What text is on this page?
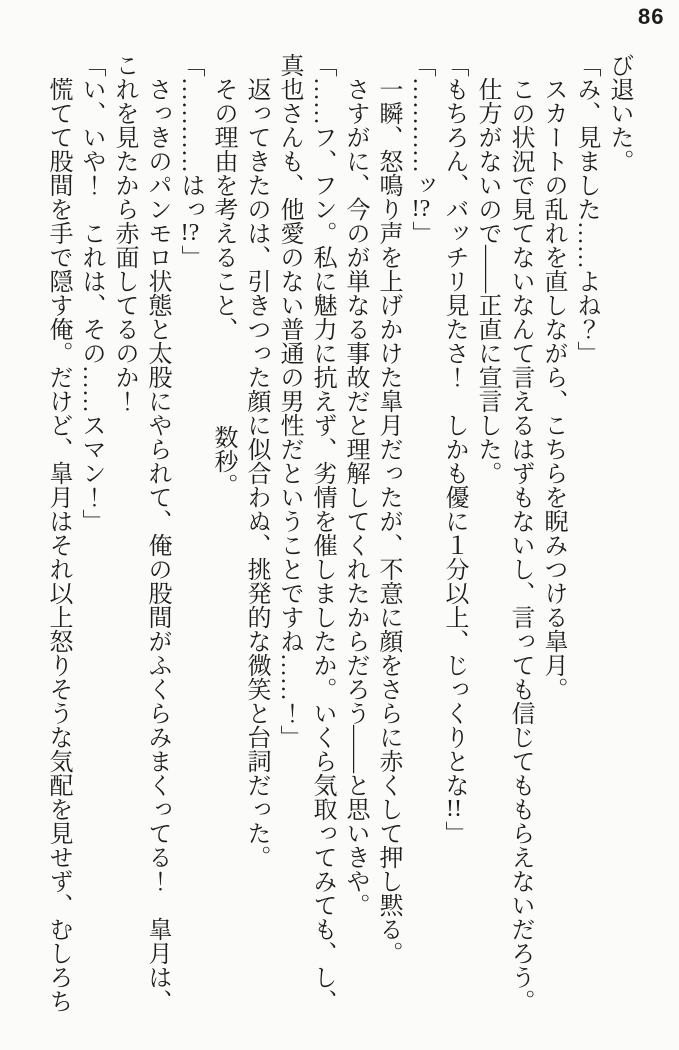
86

び退いた。

「み、見ました……よね？」

スカートの乱れを直しながら、こちらを睨みつける皐月。

この状況で見てないなんて言えるはずもないし、言っても信じてももらえないだろう。

仕方がないので――正直に宣言した。

「もちろん、バッチリ見たさ！　しかも優に１分以上、じっくりとな!!」

「…………ッ!?」

一瞬、怒鳴り声を上げかけた皐月だったが、不意に顔をさらに赤くして押し黙る。

さすがに、今のが単なる事故だと理解してくれたからだろう――と思いきや。

「……フ、フン。私に魅力に抗えず、劣情を催しましたか。いくら気取ってみても、し、

真也さんも、他愛のない普通の男性だということですね……！」

返ってきたのは、引きつった顔に似合わぬ、挑発的な微笑と台詞だった。

その理由を考えること、　　　　数秒。

「…………はっ!?」

さっきのパンモロ状態と太股にやられて、俺の股間がふくらみまくってる！　皐月は、

これを見たから赤面してるのか！

「い、いや！　これは、その……スマン！」

慌てて股間を手で隠す俺。だけど、皐月はそれ以上怒りそうな気配を見せず、むしろち
